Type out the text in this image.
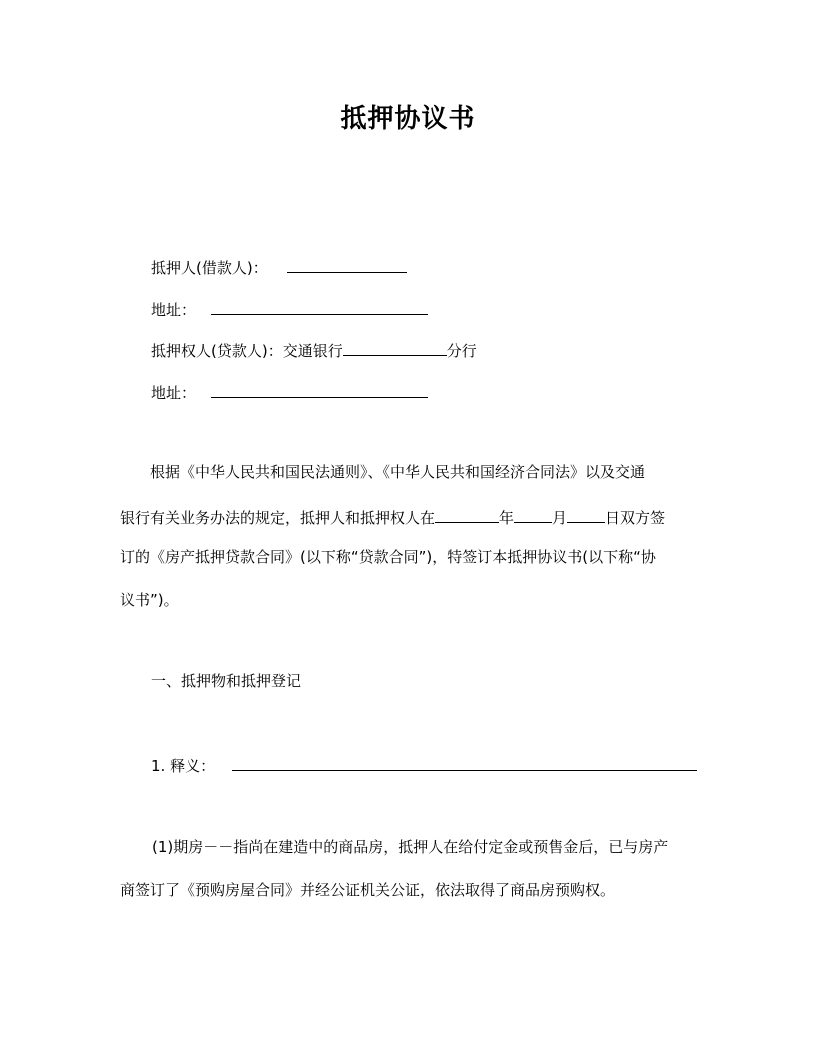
抵押协议书
抵押人(借款人)：
地址：
抵押权人(贷款人)：交通银行	分行
地址：
根据《中华人民共和国民法通则》、《中华人民共和国经济合同法》以及交通
银行有关业务办法的规定，抵押人和抵押权人在	年	月	日双方签
订的《房产抵押贷款合同》(以下称“贷款合同”)，特签订本抵押协议书(以下称“协
议书”)。
一、抵押物和抵押登记
1. 释义：
(1)期房－－指尚在建造中的商品房，抵押人在给付定金或预售金后，已与房产
商签订了《预购房屋合同》并经公证机关公证，依法取得了商品房预购权。
